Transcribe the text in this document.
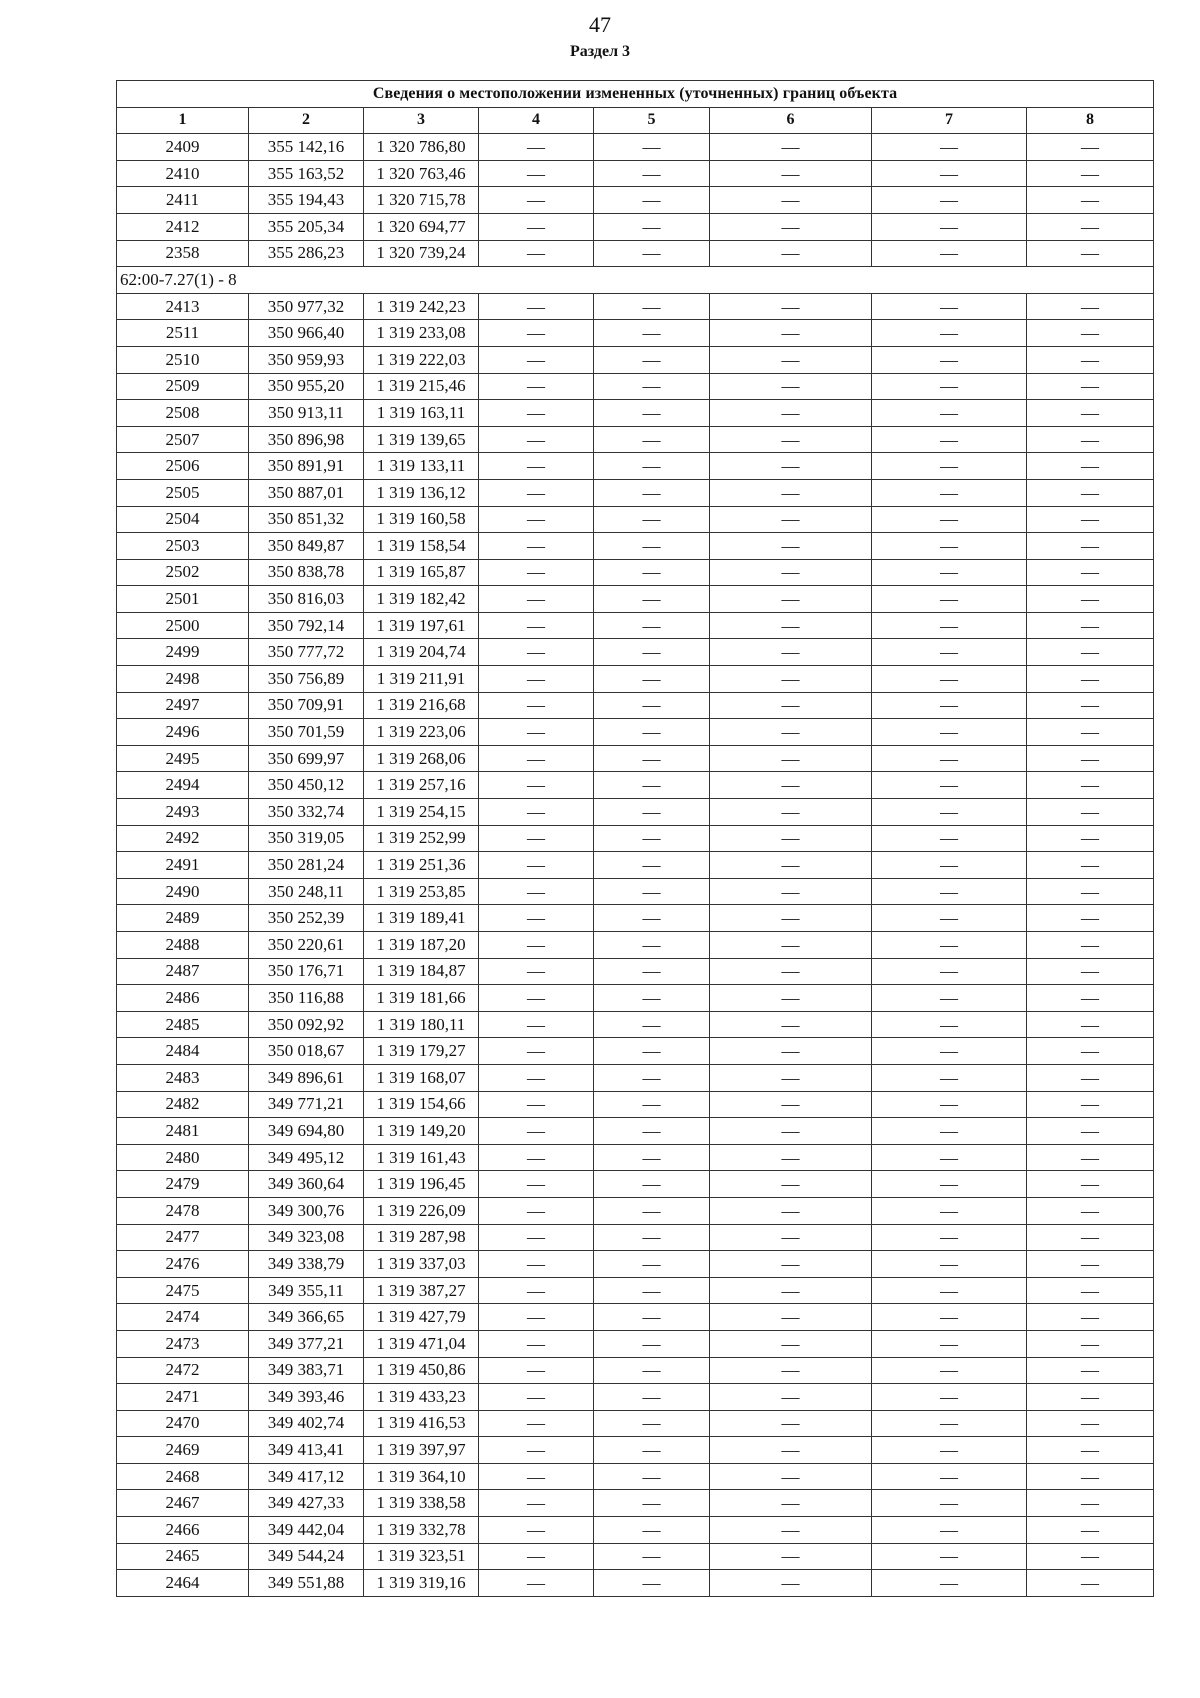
47
Раздел 3
Сведения о местоположении измененных (уточненных) границ объекта							
1	2	3	4	5	6	7	8
2409	355 142,16	1 320 786,80	—	—	—	—	—
2410	355 163,52	1 320 763,46	—	—	—	—	—
2411	355 194,43	1 320 715,78	—	—	—	—	—
2412	355 205,34	1 320 694,77	—	—	—	—	—
2358	355 286,23	1 320 739,24	—	—	—	—	—
62:00-7.27(1) - 8							
2413	350 977,32	1 319 242,23	—	—	—	—	—
2511	350 966,40	1 319 233,08	—	—	—	—	—
2510	350 959,93	1 319 222,03	—	—	—	—	—
2509	350 955,20	1 319 215,46	—	—	—	—	—
2508	350 913,11	1 319 163,11	—	—	—	—	—
2507	350 896,98	1 319 139,65	—	—	—	—	—
2506	350 891,91	1 319 133,11	—	—	—	—	—
2505	350 887,01	1 319 136,12	—	—	—	—	—
2504	350 851,32	1 319 160,58	—	—	—	—	—
2503	350 849,87	1 319 158,54	—	—	—	—	—
2502	350 838,78	1 319 165,87	—	—	—	—	—
2501	350 816,03	1 319 182,42	—	—	—	—	—
2500	350 792,14	1 319 197,61	—	—	—	—	—
2499	350 777,72	1 319 204,74	—	—	—	—	—
2498	350 756,89	1 319 211,91	—	—	—	—	—
2497	350 709,91	1 319 216,68	—	—	—	—	—
2496	350 701,59	1 319 223,06	—	—	—	—	—
2495	350 699,97	1 319 268,06	—	—	—	—	—
2494	350 450,12	1 319 257,16	—	—	—	—	—
2493	350 332,74	1 319 254,15	—	—	—	—	—
2492	350 319,05	1 319 252,99	—	—	—	—	—
2491	350 281,24	1 319 251,36	—	—	—	—	—
2490	350 248,11	1 319 253,85	—	—	—	—	—
2489	350 252,39	1 319 189,41	—	—	—	—	—
2488	350 220,61	1 319 187,20	—	—	—	—	—
2487	350 176,71	1 319 184,87	—	—	—	—	—
2486	350 116,88	1 319 181,66	—	—	—	—	—
2485	350 092,92	1 319 180,11	—	—	—	—	—
2484	350 018,67	1 319 179,27	—	—	—	—	—
2483	349 896,61	1 319 168,07	—	—	—	—	—
2482	349 771,21	1 319 154,66	—	—	—	—	—
2481	349 694,80	1 319 149,20	—	—	—	—	—
2480	349 495,12	1 319 161,43	—	—	—	—	—
2479	349 360,64	1 319 196,45	—	—	—	—	—
2478	349 300,76	1 319 226,09	—	—	—	—	—
2477	349 323,08	1 319 287,98	—	—	—	—	—
2476	349 338,79	1 319 337,03	—	—	—	—	—
2475	349 355,11	1 319 387,27	—	—	—	—	—
2474	349 366,65	1 319 427,79	—	—	—	—	—
2473	349 377,21	1 319 471,04	—	—	—	—	—
2472	349 383,71	1 319 450,86	—	—	—	—	—
2471	349 393,46	1 319 433,23	—	—	—	—	—
2470	349 402,74	1 319 416,53	—	—	—	—	—
2469	349 413,41	1 319 397,97	—	—	—	—	—
2468	349 417,12	1 319 364,10	—	—	—	—	—
2467	349 427,33	1 319 338,58	—	—	—	—	—
2466	349 442,04	1 319 332,78	—	—	—	—	—
2465	349 544,24	1 319 323,51	—	—	—	—	—
2464	349 551,88	1 319 319,16	—	—	—	—	—
